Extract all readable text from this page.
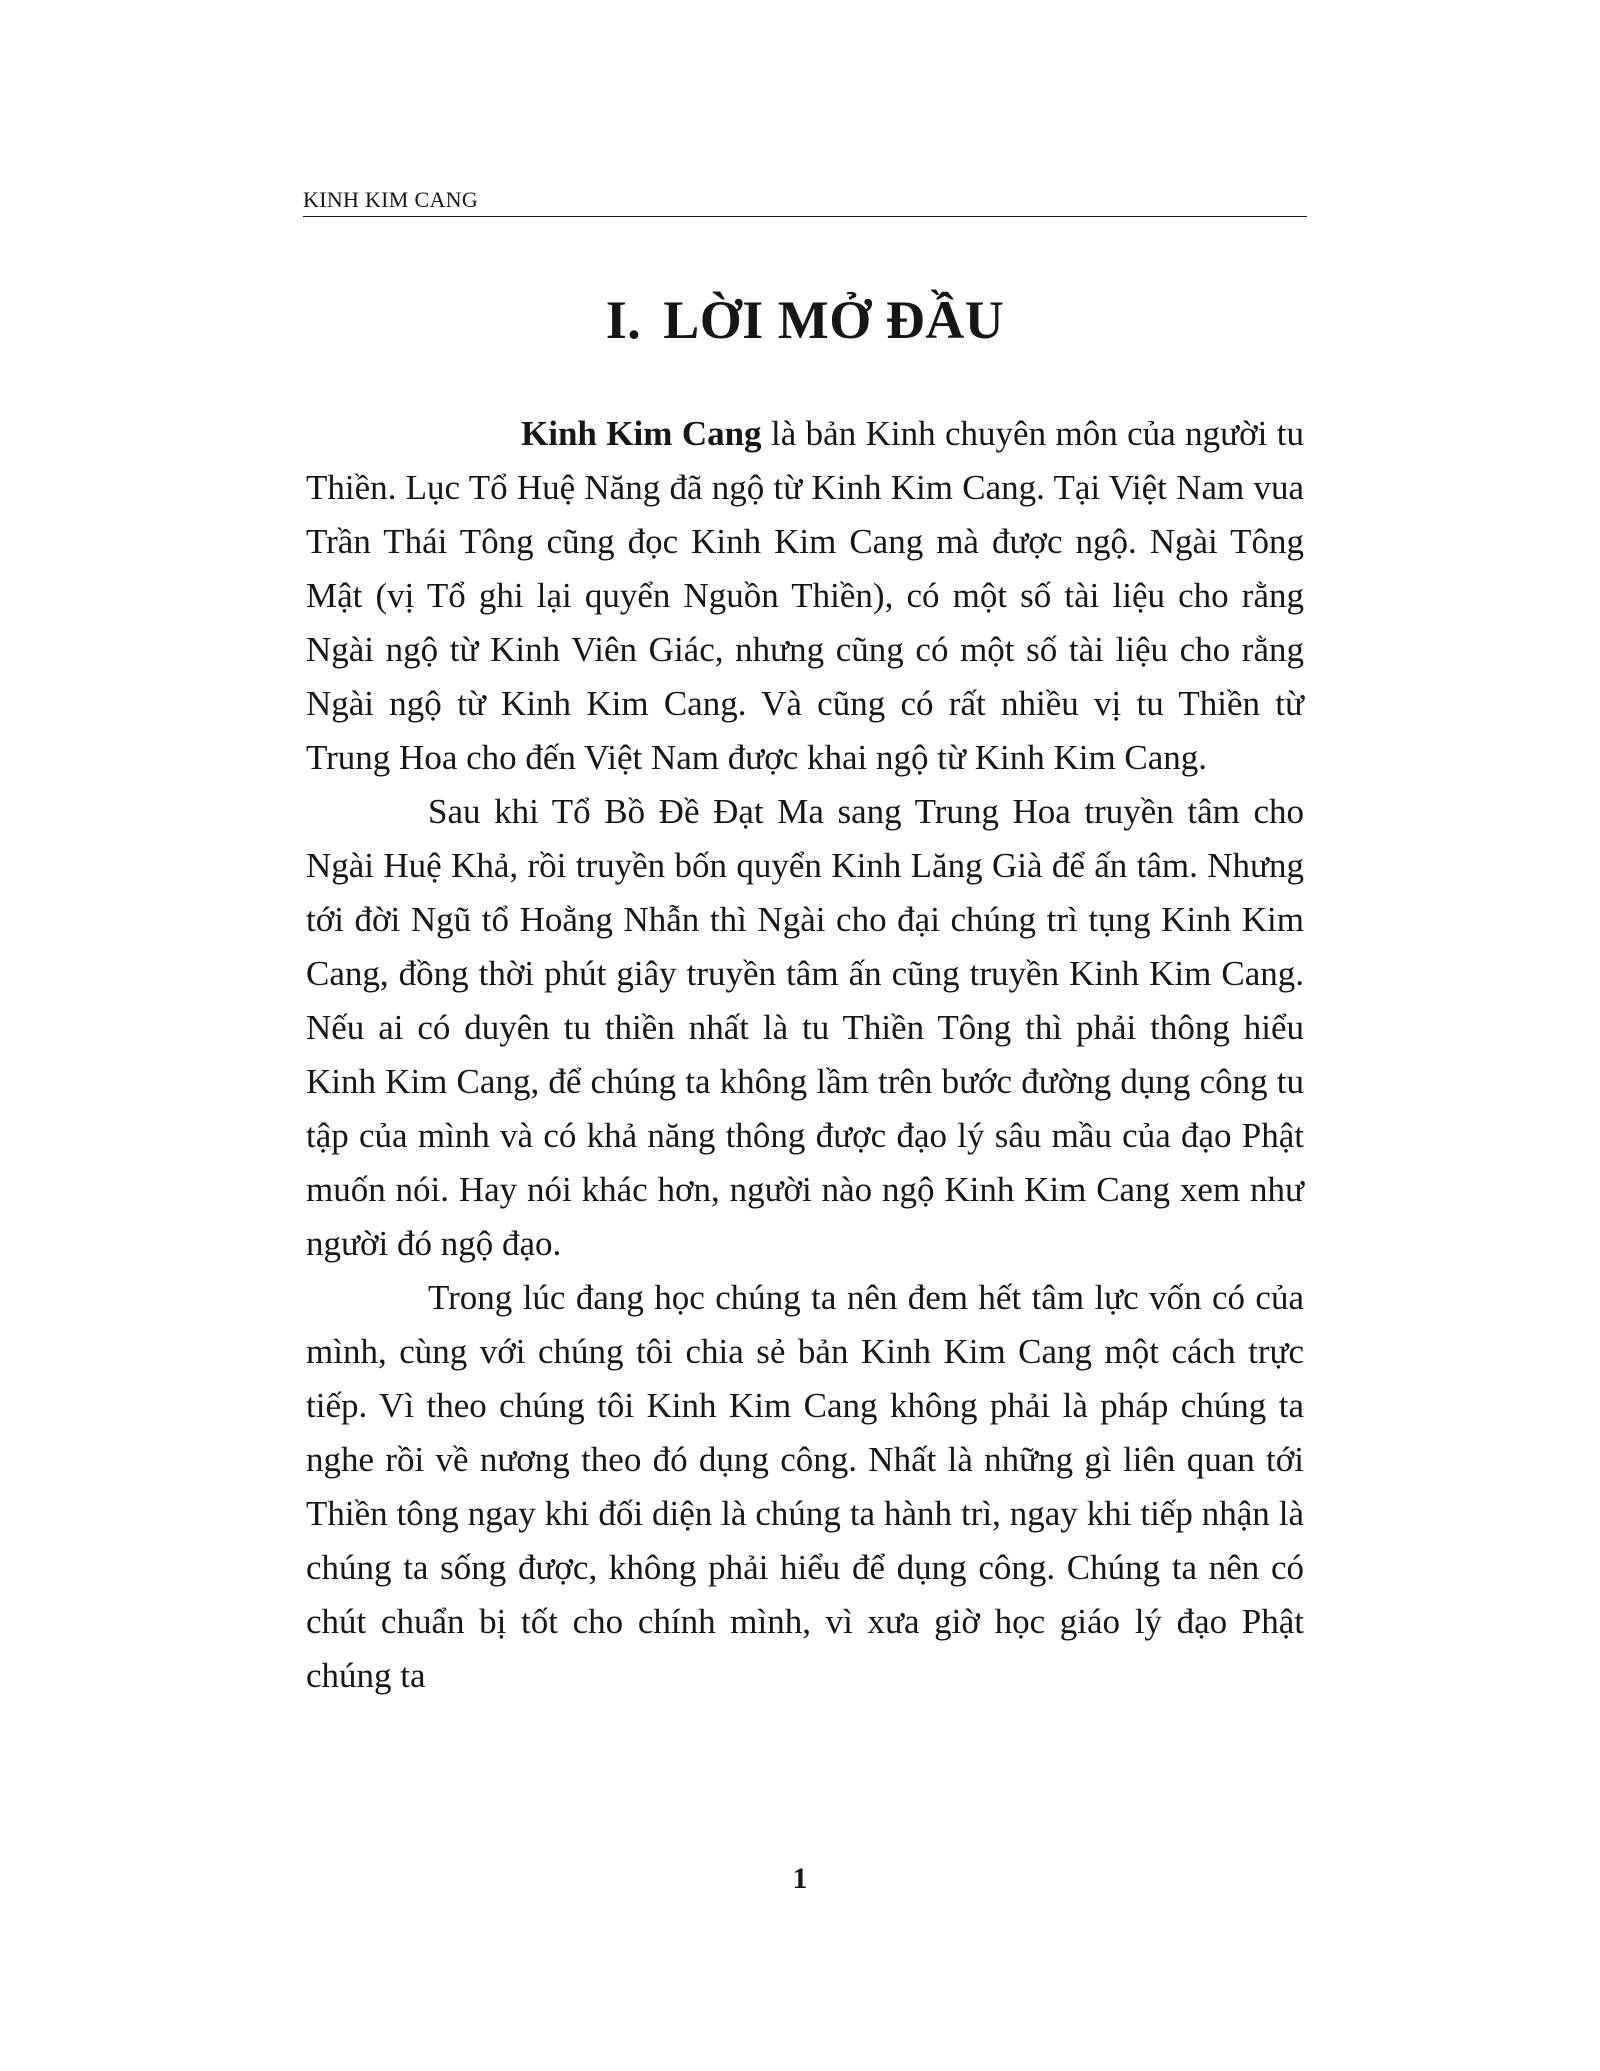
KINH KIM CANG
I. LỜI MỞ ĐẦU

Kinh Kim Cang là bản Kinh chuyên môn của người tu Thiền. Lục Tổ Huệ Năng đã ngộ từ Kinh Kim Cang. Tại Việt Nam vua Trần Thái Tông cũng đọc Kinh Kim Cang mà được ngộ. Ngài Tông Mật (vị Tổ ghi lại quyển Nguồn Thiền), có một số tài liệu cho rằng Ngài ngộ từ Kinh Viên Giác, nhưng cũng có một số tài liệu cho rằng Ngài ngộ từ Kinh Kim Cang. Và cũng có rất nhiều vị tu Thiền từ Trung Hoa cho đến Việt Nam được khai ngộ từ Kinh Kim Cang.

Sau khi Tổ Bồ Đề Đạt Ma sang Trung Hoa truyền tâm cho Ngài Huệ Khả, rồi truyền bốn quyển Kinh Lăng Già để ấn tâm. Nhưng tới đời Ngũ tổ Hoằng Nhẫn thì Ngài cho đại chúng trì tụng Kinh Kim Cang, đồng thời phút giây truyền tâm ấn cũng truyền Kinh Kim Cang. Nếu ai có duyên tu thiền nhất là tu Thiền Tông thì phải thông hiểu Kinh Kim Cang, để chúng ta không lầm trên bước đường dụng công tu tập của mình và có khả năng thông được đạo lý sâu mầu của đạo Phật muốn nói. Hay nói khác hơn, người nào ngộ Kinh Kim Cang xem như người đó ngộ đạo.

Trong lúc đang học chúng ta nên đem hết tâm lực vốn có của mình, cùng với chúng tôi chia sẻ bản Kinh Kim Cang một cách trực tiếp. Vì theo chúng tôi Kinh Kim Cang không phải là pháp chúng ta nghe rồi về nương theo đó dụng công. Nhất là những gì liên quan tới Thiền tông ngay khi đối diện là chúng ta hành trì, ngay khi tiếp nhận là chúng ta sống được, không phải hiểu để dụng công. Chúng ta nên có chút chuẩn bị tốt cho chính mình, vì xưa giờ học giáo lý đạo Phật chúng ta

1
